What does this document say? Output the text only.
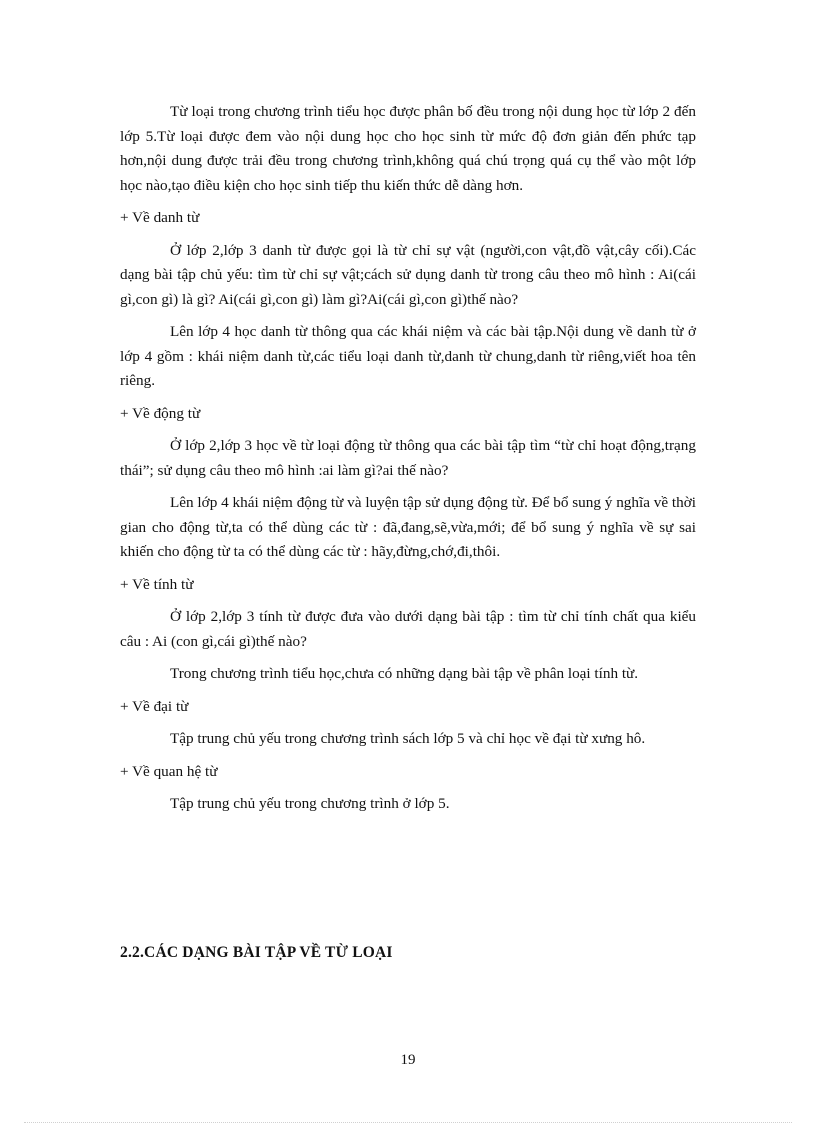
Từ loại trong chương trình tiểu học được phân bố đều trong nội dung học từ lớp 2 đến lớp 5.Từ loại được đem vào nội dung học cho học sinh từ mức độ đơn giản đến phức tạp hơn,nội dung được trải đều trong chương trình,không quá chú trọng quá cụ thể vào một lớp học nào,tạo điều kiện cho học sinh tiếp thu kiến thức dễ dàng hơn.

+ Về danh từ

Ở lớp 2,lớp 3 danh từ được gọi là từ chỉ sự vật (người,con vật,đồ vật,cây cối).Các dạng bài tập chủ yếu: tìm từ chỉ sự vật;cách sử dụng danh từ trong câu theo mô hình : Ai(cái gì,con gì) là gì? Ai(cái gì,con gì) làm gì?Ai(cái gì,con gì)thế nào?

Lên lớp 4 học danh từ thông qua các khái niệm và các bài tập.Nội dung về danh từ ở lớp 4 gồm : khái niệm danh từ,các tiểu loại danh từ,danh từ chung,danh từ riêng,viết hoa tên riêng.

+ Về động từ

Ở lớp 2,lớp 3 học về từ loại động từ thông qua các bài tập tìm “từ chỉ hoạt động,trạng thái”; sử dụng câu theo mô hình :ai làm gì?ai thế nào?

Lên lớp 4 khái niệm động từ và luyện tập sử dụng động từ. Để bổ sung ý nghĩa về thời gian cho động từ,ta có thể dùng các từ : đã,đang,sẽ,vừa,mới; để bổ sung ý nghĩa về sự sai khiến cho động từ ta có thể dùng các từ : hãy,đừng,chớ,đi,thôi.

+ Về tính từ

Ở lớp 2,lớp 3 tính từ được đưa vào dưới dạng bài tập : tìm từ chỉ tính chất qua kiểu câu : Ai (con gì,cái gì)thế nào?

Trong chương trình tiểu học,chưa có những dạng bài tập về phân loại tính từ.

+ Về đại từ

Tập trung chủ yếu trong chương trình sách lớp 5 và chỉ học về đại từ xưng hô.

+ Về quan hệ từ

Tập trung chủ yếu trong chương trình ở lớp 5.

2.2.CÁC DẠNG BÀI TẬP VỀ TỪ LOẠI
19
